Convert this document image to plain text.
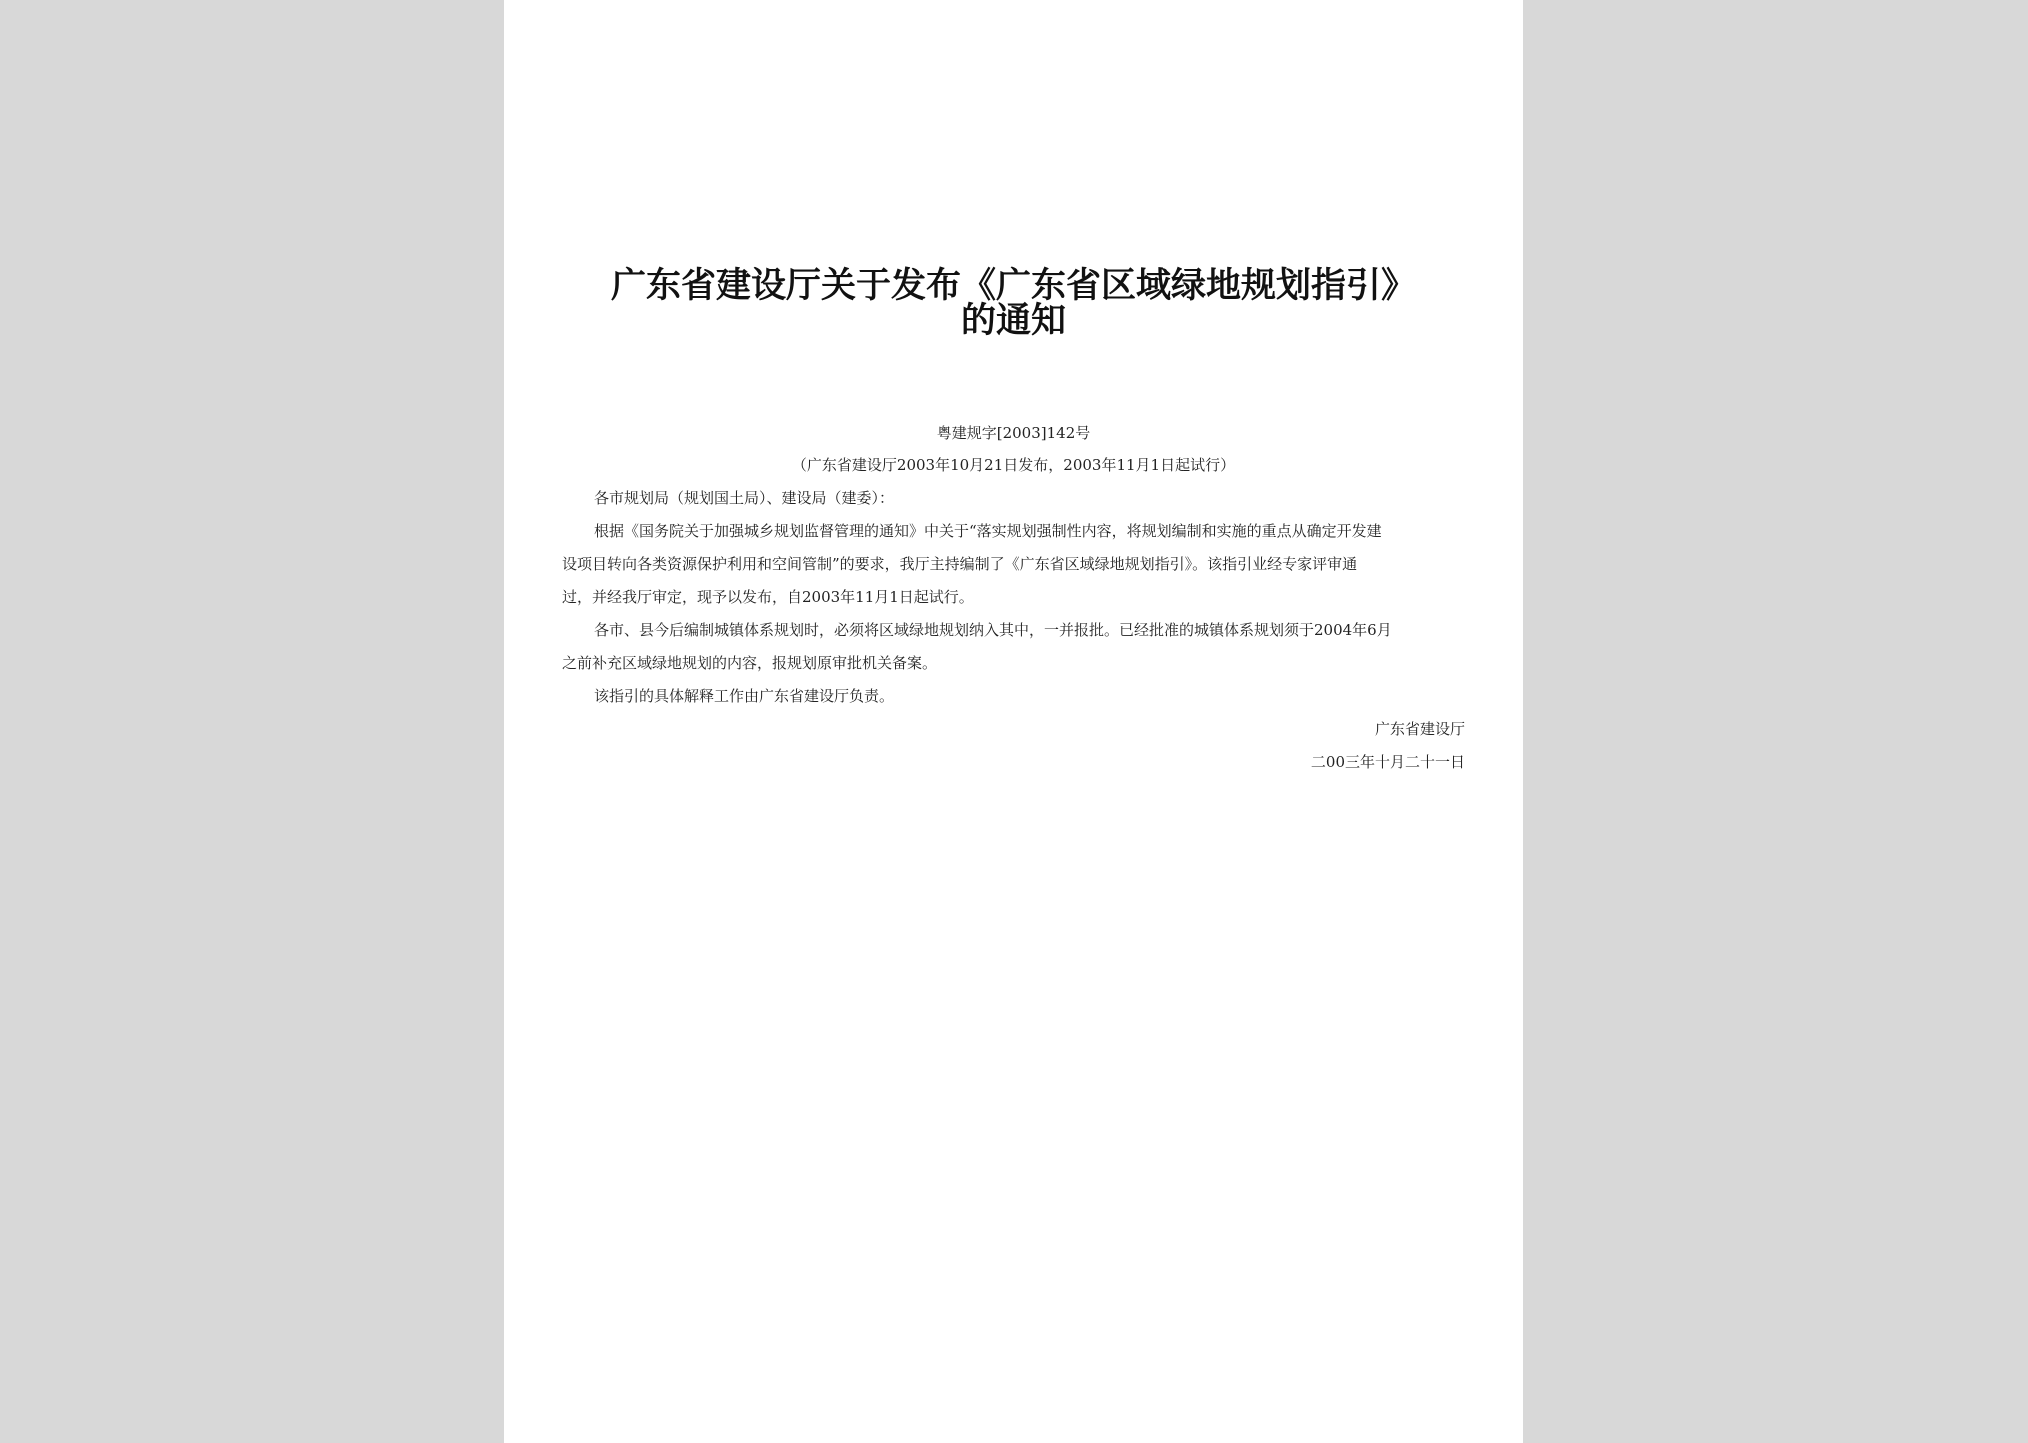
广东省建设厅关于发布《广东省区域绿地规划指引》
的通知
粤建规字[2003]142号
（广东省建设厅2003年10月21日发布，2003年11月1日起试行）
各市规划局（规划国土局）、建设局（建委）：
根据《国务院关于加强城乡规划监督管理的通知》中关于“落实规划强制性内容，将规划编制和实施的重点从确定开发建
设项目转向各类资源保护利用和空间管制”的要求，我厅主持编制了《广东省区域绿地规划指引》。该指引业经专家评审通
过，并经我厅审定，现予以发布，自2003年11月1日起试行。
各市、县今后编制城镇体系规划时，必须将区域绿地规划纳入其中，一并报批。已经批准的城镇体系规划须于2004年6月
之前补充区域绿地规划的内容，报规划原审批机关备案。
该指引的具体解释工作由广东省建设厅负责。
广东省建设厅
二00三年十月二十一日
